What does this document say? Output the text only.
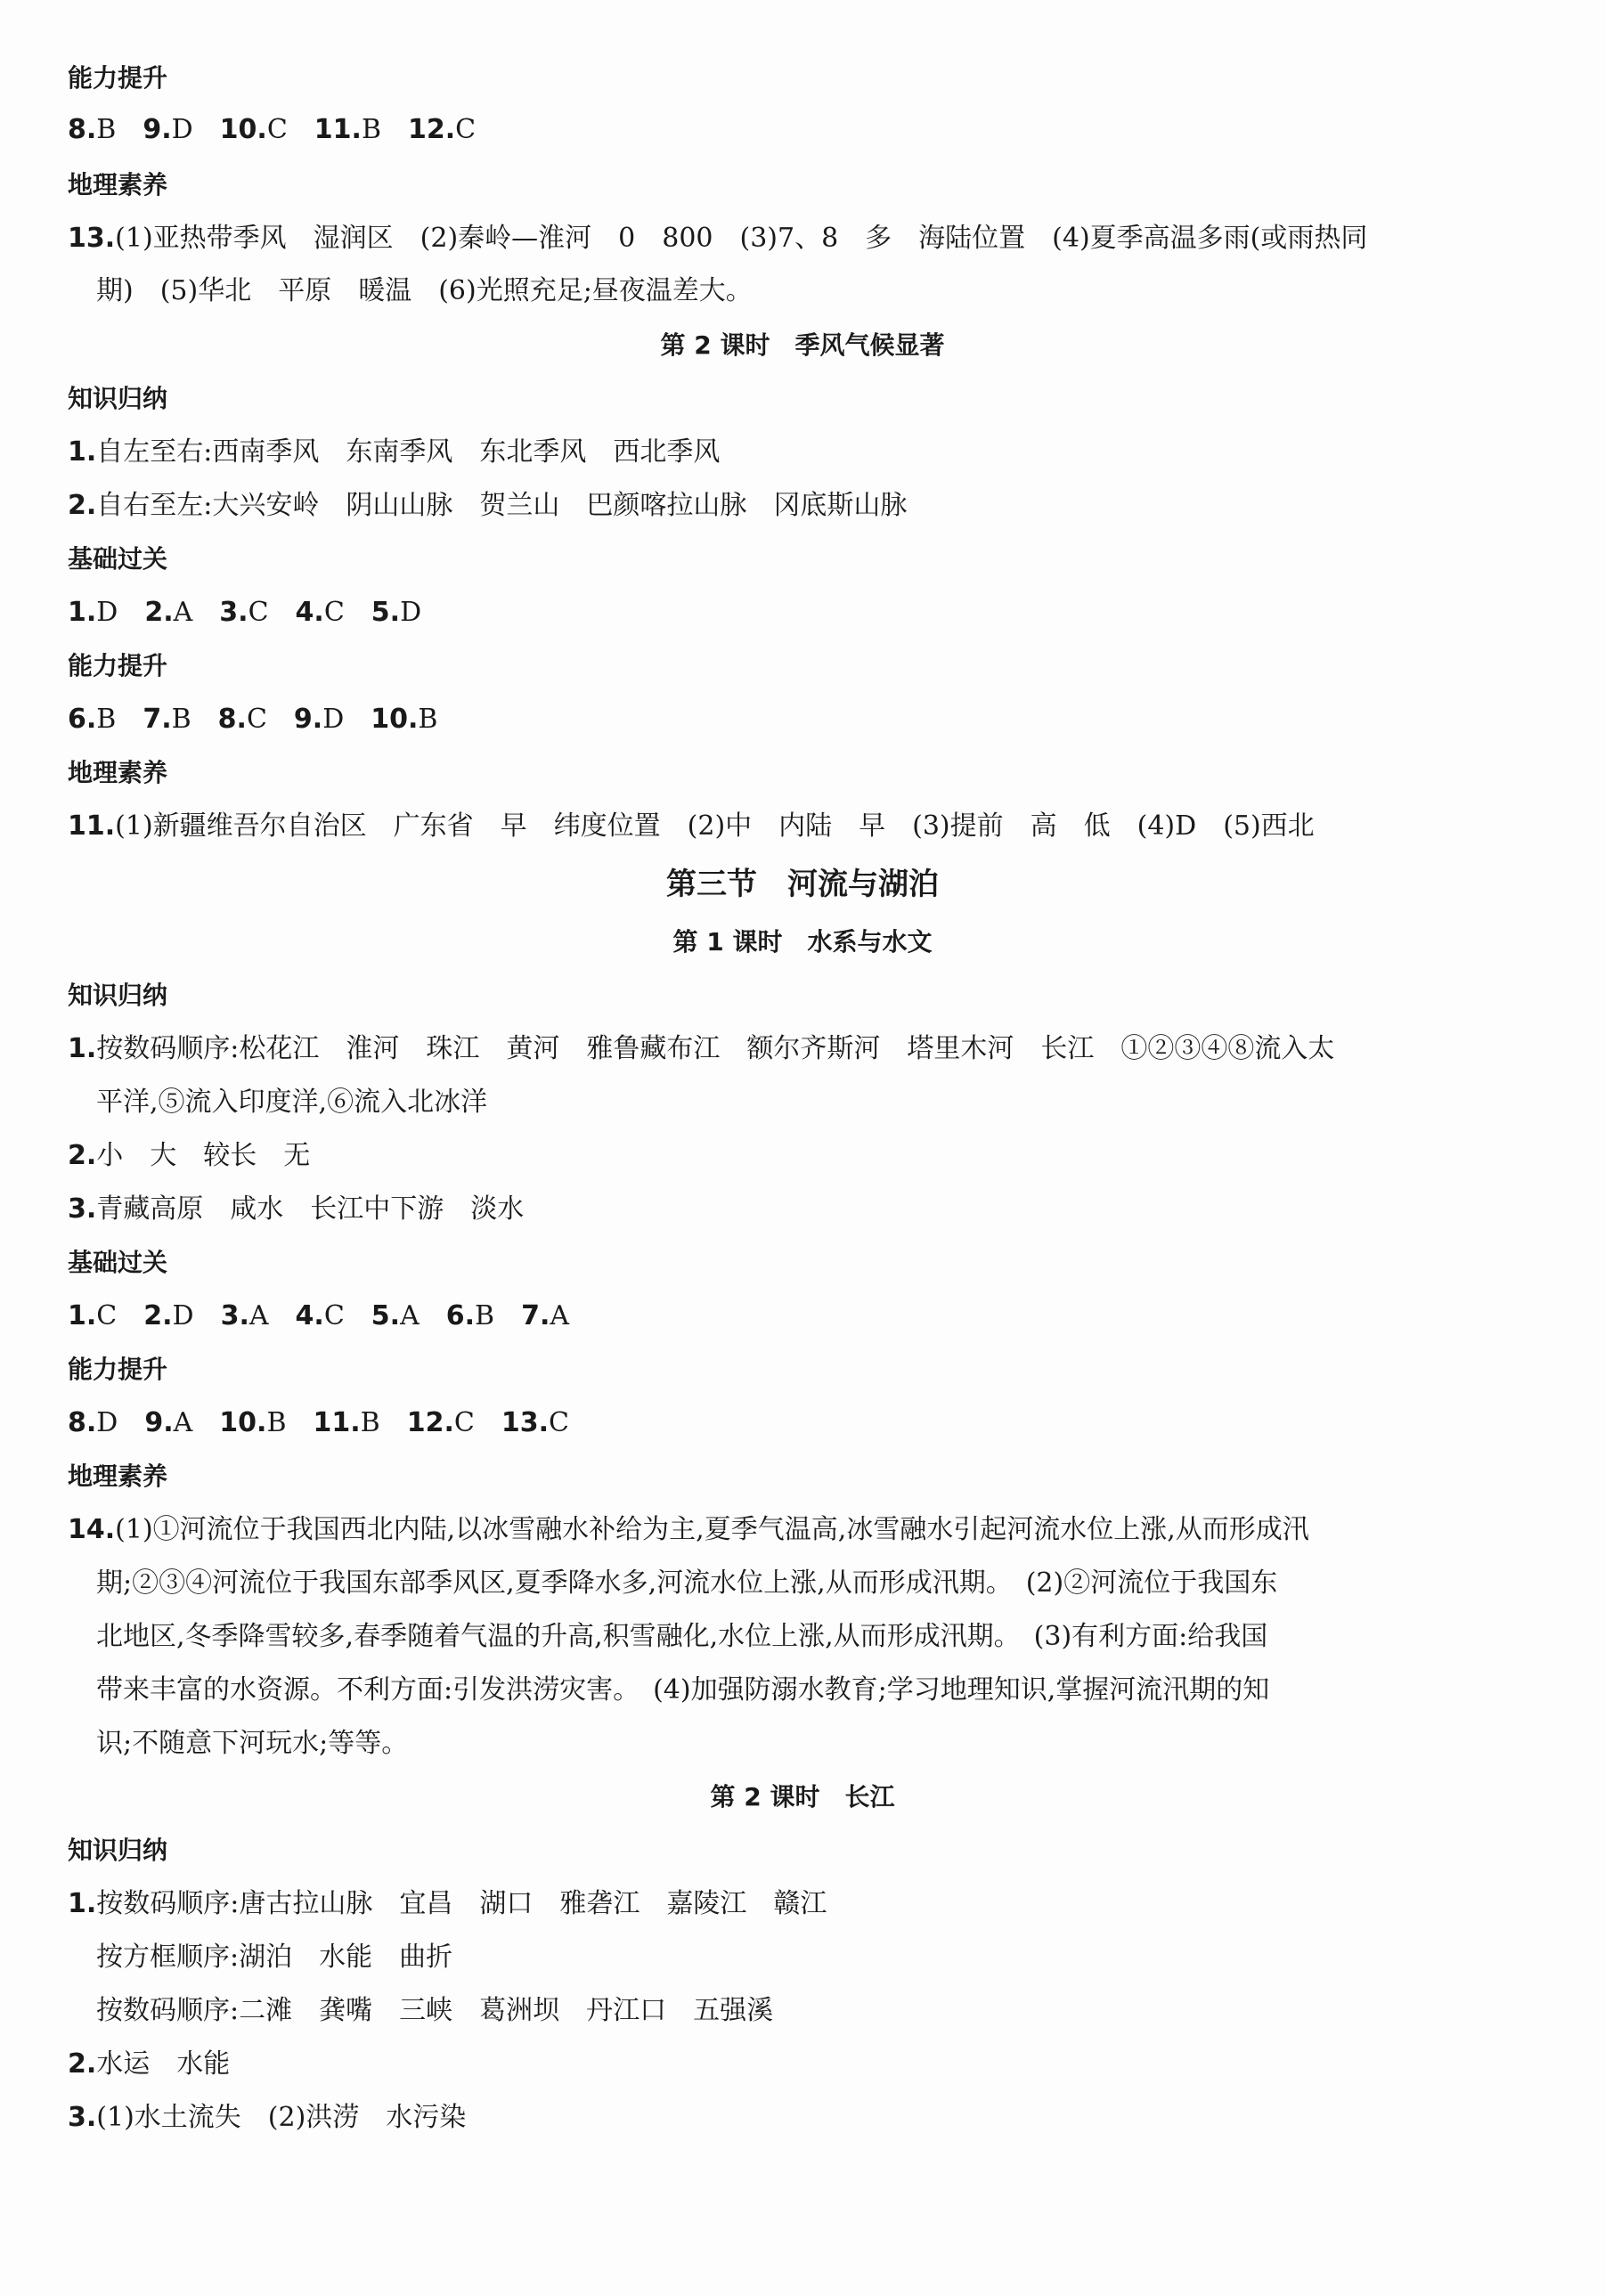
能力提升
8.B　 9.D　 10.C　 11.B　 12.C
地理素养
13.(1)亚热带季风　湿润区　(2)秦岭—淮河　0　800　(3)7、8　多　海陆位置　(4)夏季高温多雨(或雨热同
期)　(5)华北　平原　暖温　(6)光照充足;昼夜温差大。
第 2 课时　季风气候显著
知识归纳
1.自左至右:西南季风　东南季风　东北季风　西北季风
2.自右至左:大兴安岭　阴山山脉　贺兰山　巴颜喀拉山脉　冈底斯山脉
基础过关
1.D　 2.A　 3.C　 4.C　 5.D
能力提升
6.B　 7.B　 8.C　 9.D　 10.B
地理素养
11.(1)新疆维吾尔自治区　广东省　早　纬度位置　(2)中　内陆　早　(3)提前　高　低　(4)D　(5)西北
第三节　河流与湖泊
第 1 课时　水系与水文
知识归纳
1.按数码顺序:松花江　淮河　珠江　黄河　雅鲁藏布江　额尔齐斯河　塔里木河　长江　①②③④⑧流入太
平洋,⑤流入印度洋,⑥流入北冰洋
2.小　大　较长　无
3.青藏高原　咸水　长江中下游　淡水
基础过关
1.C　 2.D　 3.A　 4.C　 5.A　 6.B　 7.A
能力提升
8.D　 9.A　 10.B　 11.B　 12.C　 13.C
地理素养
14.(1)①河流位于我国西北内陆,以冰雪融水补给为主,夏季气温高,冰雪融水引起河流水位上涨,从而形成汛
期;②③④河流位于我国东部季风区,夏季降水多,河流水位上涨,从而形成汛期。　(2)②河流位于我国东
北地区,冬季降雪较多,春季随着气温的升高,积雪融化,水位上涨,从而形成汛期。　(3)有利方面:给我国
带来丰富的水资源。不利方面:引发洪涝灾害。　(4)加强防溺水教育;学习地理知识,掌握河流汛期的知
识;不随意下河玩水;等等。
第 2 课时　长江
知识归纳
1.按数码顺序:唐古拉山脉　宜昌　湖口　雅砻江　嘉陵江　赣江
按方框顺序:湖泊　水能　曲折
按数码顺序:二滩　龚嘴　三峡　葛洲坝　丹江口　五强溪
2.水运　水能
3.(1)水土流失　(2)洪涝　水污染
